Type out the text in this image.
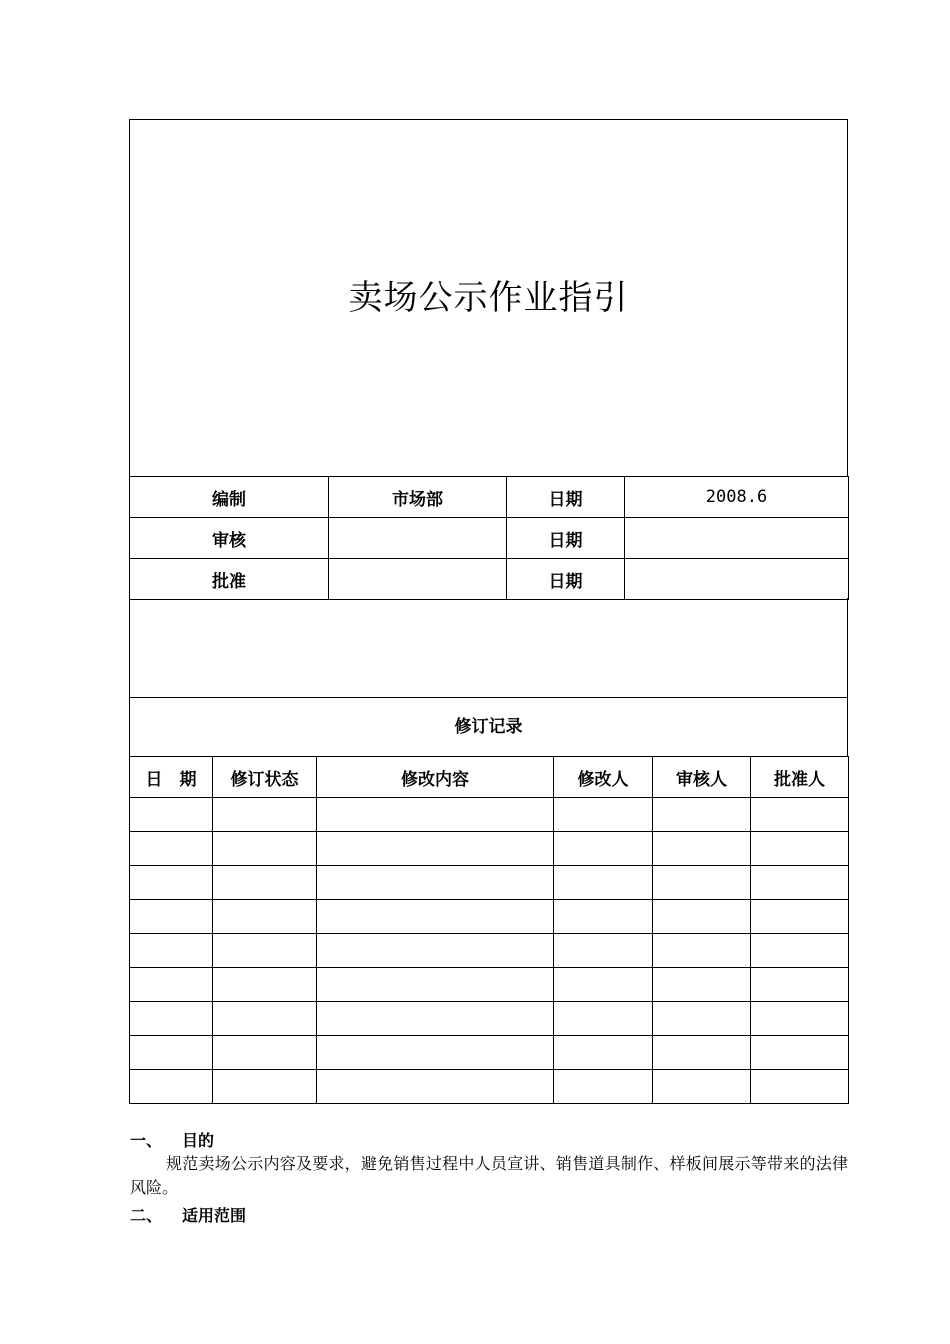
卖场公示作业指引
编制	市场部	日期	2008.6
审核		日期	
批准		日期	
修订记录
日　期	修订状态	修改内容	修改人	审核人	批准人

一、 目的
规范卖场公示内容及要求，避免销售过程中人员宣讲、销售道具制作、样板间展示等带来的法律风险。
二、 适用范围
